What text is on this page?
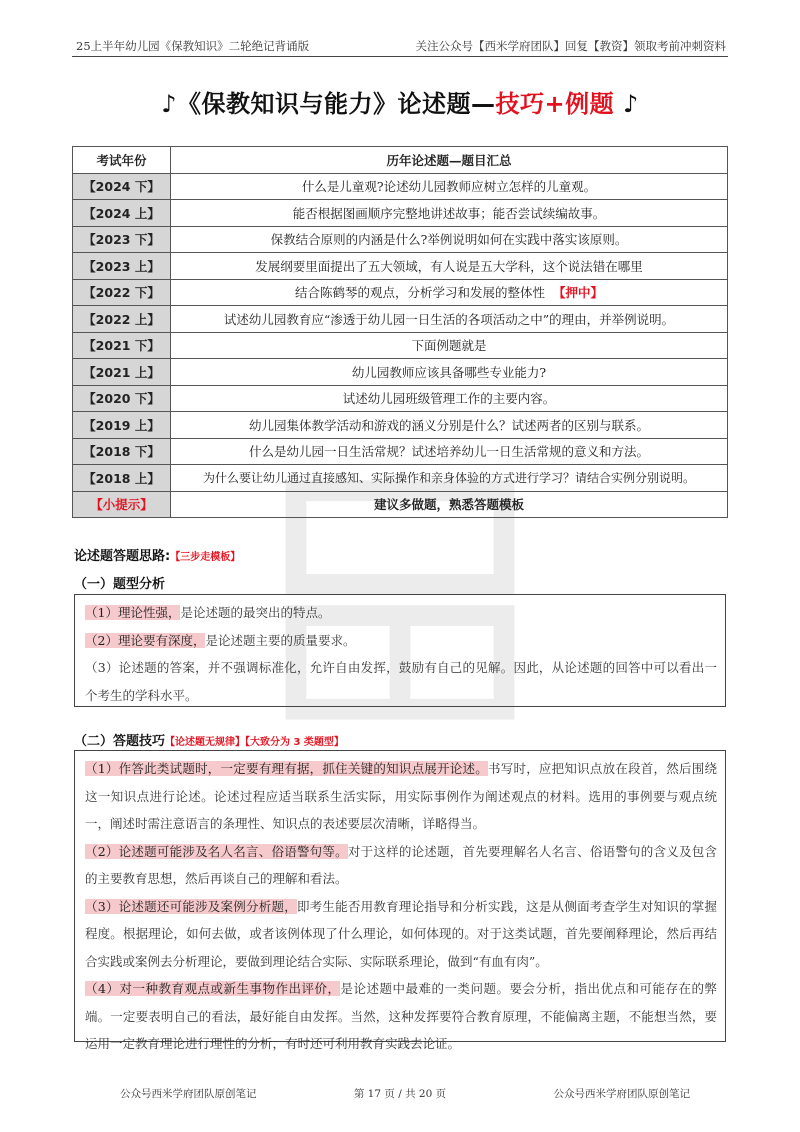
25上半年幼儿园《保教知识》二轮绝记背诵版	关注公众号【西米学府团队】回复【教资】领取考前冲刺资料
♪《保教知识与能力》论述题—技巧+例题 ♪
考试年份	历年论述题—题目汇总
【2024 下】	什么是儿童观?论述幼儿园教师应树立怎样的儿童观。
【2024 上】	能否根据图画顺序完整地讲述故事；能否尝试续编故事。
【2023 下】	保教结合原则的内涵是什么?举例说明如何在实践中落实该原则。
【2023 上】	发展纲要里面提出了五大领域，有人说是五大学科，这个说法错在哪里
【2022 下】	结合陈鹤琴的观点，分析学习和发展的整体性 【押中】
【2022 上】	试述幼儿园教育应“渗透于幼儿园一日生活的各项活动之中”的理由，并举例说明。
【2021 下】	下面例题就是
【2021 上】	幼儿园教师应该具备哪些专业能力?
【2020 下】	试述幼儿园班级管理工作的主要内容。
【2019 上】	幼儿园集体教学活动和游戏的涵义分别是什么？试述两者的区别与联系。
【2018 下】	什么是幼儿园一日生活常规？试述培养幼儿一日生活常规的意义和方法。
【2018 上】	为什么要让幼儿通过直接感知、实际操作和亲身体验的方式进行学习？请结合实例分别说明。
【小提示】	建议多做题，熟悉答题模板
论述题答题思路:【三步走模板】
（一）题型分析

（1）理论性强，是论述题的最突出的特点。

（2）理论要有深度，是论述题主要的质量要求。

（3）论述题的答案，并不强调标准化，允许自由发挥，鼓励有自己的见解。因此，从论述题的回答中可以看出一个考生的学科水平。

（二）答题技巧【论述题无规律】【大致分为 3 类题型】

（1）作答此类试题时，一定要有理有据，抓住关键的知识点展开论述。书写时，应把知识点放在段首，然后围绕这一知识点进行论述。论述过程应适当联系生活实际，用实际事例作为阐述观点的材料。选用的事例要与观点统一，阐述时需注意语言的条理性、知识点的表述要层次清晰，详略得当。

（2）论述题可能涉及名人名言、俗语警句等。对于这样的论述题，首先要理解名人名言、俗语警句的含义及包含的主要教育思想，然后再谈自己的理解和看法。

（3）论述题还可能涉及案例分析题，即考生能否用教育理论指导和分析实践，这是从侧面考查学生对知识的掌握程度。根据理论，如何去做，或者该例体现了什么理论，如何体现的。对于这类试题，首先要阐释理论，然后再结合实践或案例去分析理论，要做到理论结合实际、实际联系理论，做到“有血有肉”。

（4）对一种教育观点或新生事物作出评价，是论述题中最难的一类问题。要会分析，指出优点和可能存在的弊端。一定要表明自己的看法，最好能自由发挥。当然，这种发挥要符合教育原理，不能偏离主题，不能想当然，要运用一定教育理论进行理性的分析，有时还可利用教育实践去论证。

公众号西米学府团队原创笔记	第 17 页 / 共 20 页	公众号西米学府团队原创笔记
